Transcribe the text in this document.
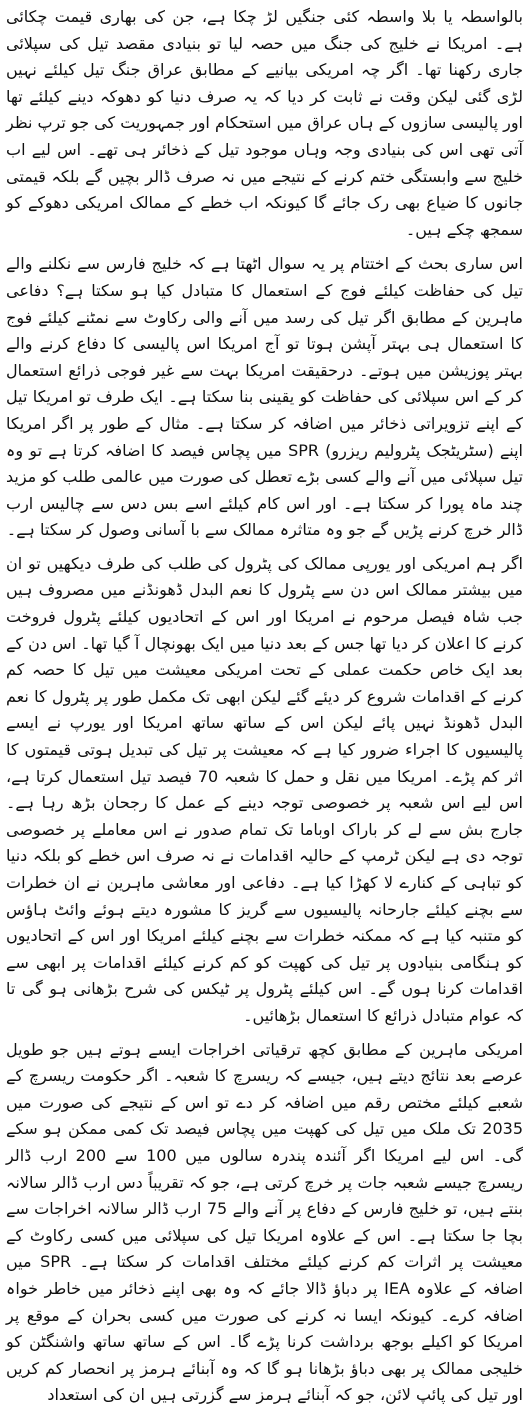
بالواسطہ یا بلا واسطہ کئی جنگیں لڑ چکا ہے، جن کی بھاری قیمت چکائی ہے۔ امریکا نے خلیج کی جنگ میں حصہ لیا تو بنیادی مقصد تیل کی سپلائی جاری رکھنا تھا۔ اگر چہ امریکی بیانیے کے مطابق عراق جنگ تیل کیلئے نہیں لڑی گئی لیکن وقت نے ثابت کر دیا کہ یہ صرف دنیا کو دھوکہ دینے کیلئے تھا اور پالیسی سازوں کے ہاں عراق میں استحکام اور جمہوریت کی جو ترپ نظر آتی تھی اس کی بنیادی وجہ وہاں موجود تیل کے ذخائر ہی تھے۔ اس لیے اب خلیج سے وابستگی ختم کرنے کے نتیجے میں نہ صرف ڈالر بچیں گے بلکہ قیمتی جانوں کا ضیاع بھی رک جائے گا کیونکہ اب خطے کے ممالک امریکی دھوکے کو سمجھ چکے ہیں۔

اس ساری بحث کے اختتام پر یہ سوال اٹھتا ہے کہ خلیج فارس سے نکلنے والے تیل کی حفاظت کیلئے فوج کے استعمال کا متبادل کیا ہو سکتا ہے؟ دفاعی ماہرین کے مطابق اگر تیل کی رسد میں آنے والی رکاوٹ سے نمٹنے کیلئے فوج کا استعمال ہی بہتر آپشن ہوتا تو آج امریکا اس پالیسی کا دفاع کرنے والے بہتر پوزیشن میں ہوتے۔ درحقیقت امریکا بہت سے غیر فوجی ذرائع استعمال کر کے اس سپلائی کی حفاظت کو یقینی بنا سکتا ہے۔ ایک طرف تو امریکا تیل کے اپنے تزویراتی ذخائر میں اضافہ کر سکتا ہے۔ مثال کے طور پر اگر امریکا اپنے (سٹریٹجک پٹرولیم ریزرو) SPR میں پچاس فیصد کا اضافہ کرتا ہے تو وہ تیل سپلائی میں آنے والے کسی بڑے تعطل کی صورت میں عالمی طلب کو مزید چند ماہ پورا کر سکتا ہے۔ اور اس کام کیلئے اسے بس دس سے چالیس ارب ڈالر خرچ کرنے پڑیں گے جو وہ متاثرہ ممالک سے با آسانی وصول کر سکتا ہے۔

اگر ہم امریکی اور یورپی ممالک کی پٹرول کی طلب کی طرف دیکھیں تو ان میں بیشتر ممالک اس دن سے پٹرول کا نعم البدل ڈھونڈنے میں مصروف ہیں جب شاہ فیصل مرحوم نے امریکا اور اس کے اتحادیوں کیلئے پٹرول فروخت کرنے کا اعلان کر دیا تھا جس کے بعد دنیا میں ایک بھونچال آ گیا تھا۔ اس دن کے بعد ایک خاص حکمت عملی کے تحت امریکی معیشت میں تیل کا حصہ کم کرنے کے اقدامات شروع کر دیئے گئے لیکن ابھی تک مکمل طور پر پٹرول کا نعم البدل ڈھونڈ نہیں پائے لیکن اس کے ساتھ ساتھ امریکا اور یورپ نے ایسے پالیسیوں کا اجراء ضرور کیا ہے کہ معیشت پر تیل کی تبدیل ہوتی قیمتوں کا اثر کم پڑے۔ امریکا میں نقل و حمل کا شعبہ 70 فیصد تیل استعمال کرتا ہے، اس لیے اس شعبہ پر خصوصی توجہ دینے کے عمل کا رجحان بڑھ رہا ہے۔ جارج بش سے لے کر باراک اوباما تک تمام صدور نے اس معاملے پر خصوصی توجہ دی ہے لیکن ٹرمپ کے حالیہ اقدامات نے نہ صرف اس خطے کو بلکہ دنیا کو تباہی کے کنارے لا کھڑا کیا ہے۔ دفاعی اور معاشی ماہرین نے ان خطرات سے بچنے کیلئے جارحانہ پالیسیوں سے گریز کا مشورہ دیتے ہوئے وائٹ ہاؤس کو متنبہ کیا ہے کہ ممکنہ خطرات سے بچنے کیلئے امریکا اور اس کے اتحادیوں کو ہنگامی بنیادوں پر تیل کی کھپت کو کم کرنے کیلئے اقدامات پر ابھی سے اقدامات کرنا ہوں گے۔ اس کیلئے پٹرول پر ٹیکس کی شرح بڑھانی ہو گی تا کہ عوام متبادل ذرائع کا استعمال بڑھائیں۔

امریکی ماہرین کے مطابق کچھ ترقیاتی اخراجات ایسے ہوتے ہیں جو طویل عرصے بعد نتائج دیتے ہیں، جیسے کہ ریسرچ کا شعبہ۔ اگر حکومت ریسرچ کے شعبے کیلئے مختص رقم میں اضافہ کر دے تو اس کے نتیجے کی صورت میں 2035 تک ملک میں تیل کی کھپت میں پچاس فیصد تک کمی ممکن ہو سکے گی۔ اس لیے امریکا اگر آئندہ پندرہ سالوں میں 100 سے 200 ارب ڈالر ریسرچ جیسے شعبہ جات پر خرچ کرتی ہے، جو کہ تقریباً دس ارب ڈالر سالانہ بنتے ہیں، تو خلیج فارس کے دفاع پر آنے والے 75 ارب ڈالر سالانہ اخراجات سے بچا جا سکتا ہے۔ اس کے علاوہ امریکا تیل کی سپلائی میں کسی رکاوٹ کے معیشت پر اثرات کم کرنے کیلئے مختلف اقدامات کر سکتا ہے۔ SPR میں اضافہ کے علاوہ IEA پر دباؤ ڈالا جائے کہ وہ بھی اپنے ذخائر میں خاطر خواہ اضافہ کرے۔ کیونکہ ایسا نہ کرنے کی صورت میں کسی بحران کے موقع پر امریکا کو اکیلے بوجھ برداشت کرنا پڑے گا۔ اس کے ساتھ ساتھ واشنگٹن کو خلیجی ممالک پر بھی دباؤ بڑھانا ہو گا کہ وہ آبنائے ہرمز پر انحصار کم کریں اور تیل کی پائپ لائن، جو کہ آبنائے ہرمز سے گزرتی ہیں ان کی استعداد
